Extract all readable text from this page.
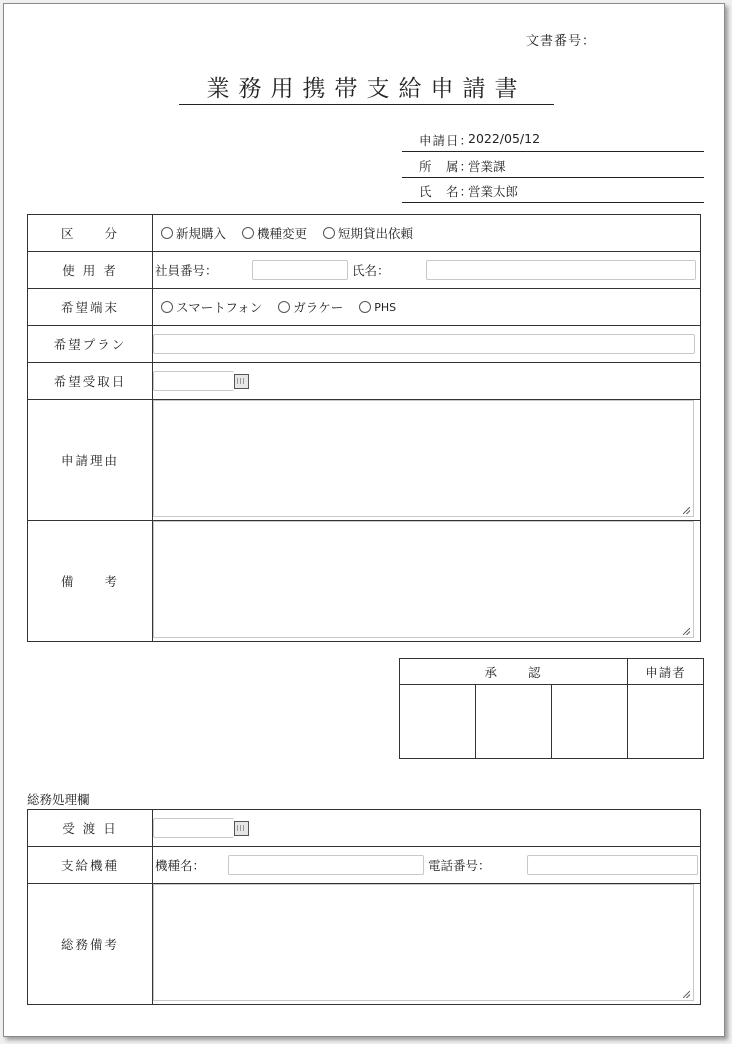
文書番号：
業務用携帯支給申請書
申請日：
2022/05/12
所　属：
営業課
氏　名：
営業太郎
区　　分	新規購入
機種変更
短期貸出依頼

使 用 者	社員番号： 氏名：

希望端末	スマートフォン
ガラケー
PHS

希望プラン	

希望受取日	

申請理由	

備　　考	
承　　認			申請者

総務処理欄
受 渡 日	

支給機種	機種名： 電話番号：

総務備考	
